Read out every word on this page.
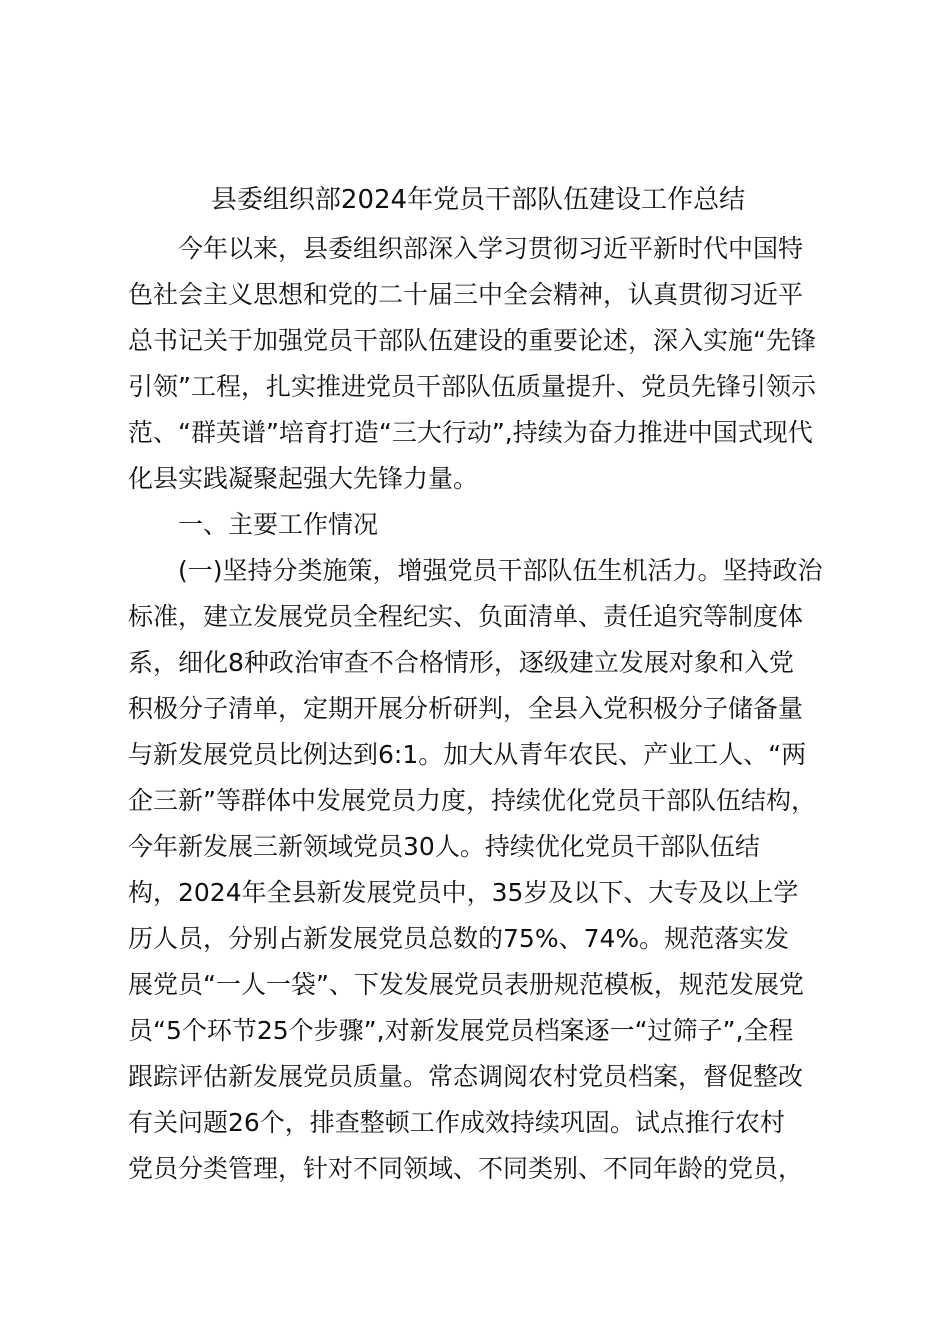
县委组织部2024年党员干部队伍建设工作总结

今年以来，县委组织部深入学习贯彻习近平新时代中国特

色社会主义思想和党的二十届三中全会精神，认真贯彻习近平

总书记关于加强党员干部队伍建设的重要论述，深入实施“先锋

引领”工程，扎实推进党员干部队伍质量提升、党员先锋引领示

范、“群英谱”培育打造“三大行动”,持续为奋力推进中国式现代

化县实践凝聚起强大先锋力量。

一、主要工作情况

(一)坚持分类施策，增强党员干部队伍生机活力。坚持政治

标准，建立发展党员全程纪实、负面清单、责任追究等制度体

系，细化8种政治审查不合格情形，逐级建立发展对象和入党

积极分子清单，定期开展分析研判，全县入党积极分子储备量

与新发展党员比例达到6:1。加大从青年农民、产业工人、“两

企三新”等群体中发展党员力度，持续优化党员干部队伍结构，

今年新发展三新领域党员30人。持续优化党员干部队伍结

构，2024年全县新发展党员中，35岁及以下、大专及以上学

历人员，分别占新发展党员总数的75%、74%。规范落实发

展党员“一人一袋”、下发发展党员表册规范模板，规范发展党

员“5个环节25个步骤”,对新发展党员档案逐一“过筛子”,全程

跟踪评估新发展党员质量。常态调阅农村党员档案，督促整改

有关问题26个，排查整顿工作成效持续巩固。试点推行农村

党员分类管理，针对不同领域、不同类别、不同年龄的党员，
